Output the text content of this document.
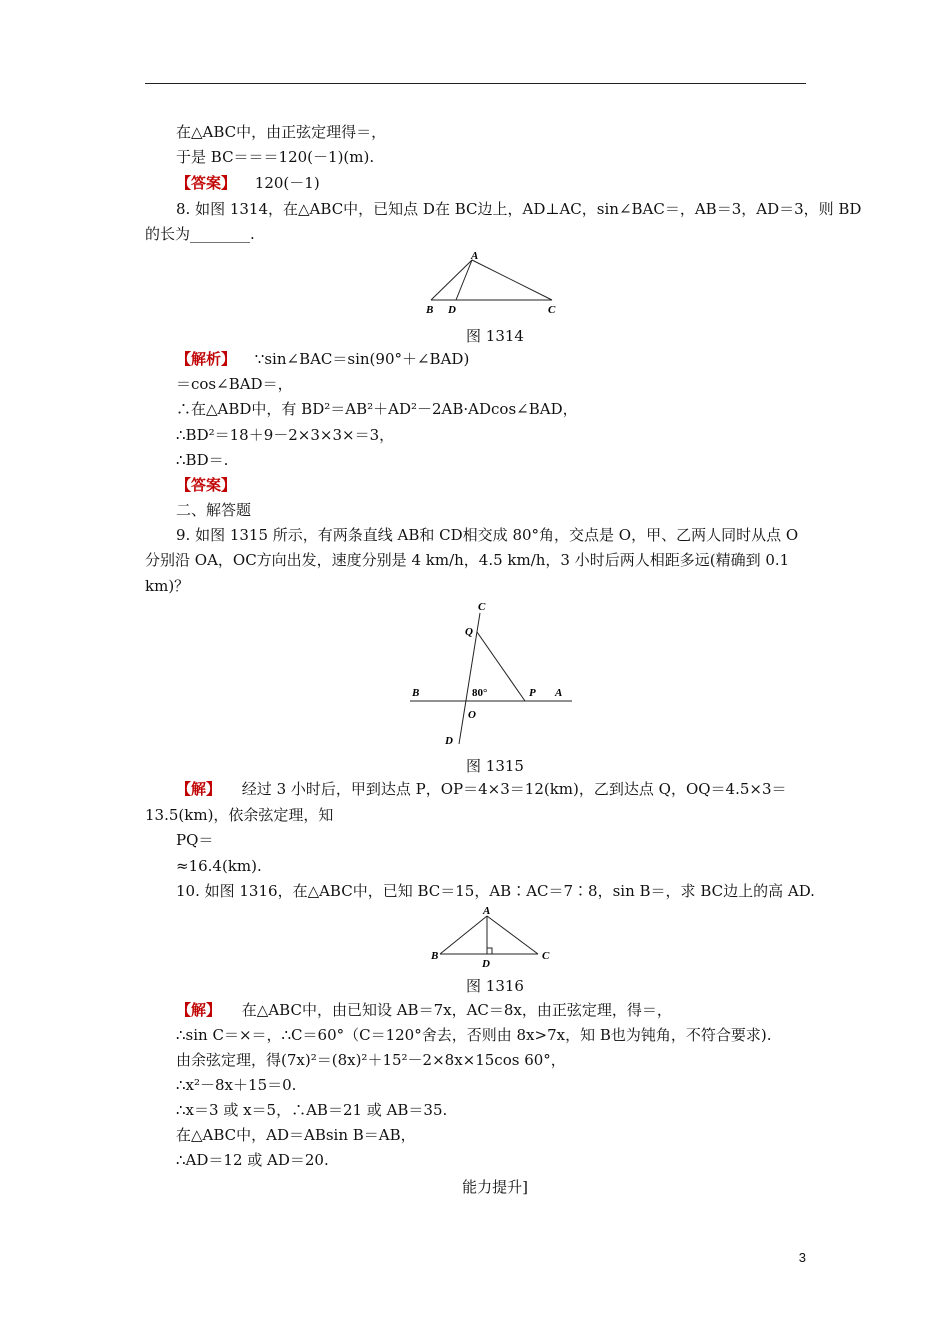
在△ABC中，由正弦定理得＝，
于是 BC＝＝＝120(－1)(m).
【答案】 120(－1)
8. 如图 1314，在△ABC中，已知点 D在 BC边上，AD⊥AC，sin∠BAC＝，AB＝3，AD＝3，则 BD
的长为________.
A
B D	C
图 1314
【解析】 ∵sin∠BAC＝sin(90°＋∠BAD)
＝cos∠BAD＝，
∴在△ABD中，有 BD²＝AB²＋AD²－2AB·ADcos∠BAD，
∴BD²＝18＋9－2×3×3×＝3，
∴BD＝.
【答案】
二、解答题
9. 如图 1315 所示，有两条直线 AB和 CD相交成 80°角，交点是 O，甲、乙两人同时从点 O
分别沿 OA，OC方向出发，速度分别是 4 km/h，4.5 km/h，3 小时后两人相距多远(精确到 0.1
km)？
C
Q
B	80°	P A
O
D
图 1315
【解】 经过 3 小时后，甲到达点 P，OP＝4×3＝12(km)，乙到达点 Q，OQ＝4.5×3＝
13.5(km)，依余弦定理，知
PQ＝
≈16.4(km).
10. 如图 1316，在△ABC中，已知 BC＝15，AB∶AC＝7∶8，sin B＝，求 BC边上的高 AD.
A
B
D
C
图 1316
【解】 在△ABC中，由已知设 AB＝7x，AC＝8x，由正弦定理，得＝，
∴sin C＝×＝，∴C＝60°（C＝120°舍去，否则由 8x>7x，知 B也为钝角，不符合要求).
由余弦定理，得(7x)²＝(8x)²＋15²－2×8x×15cos 60°，
∴x²－8x＋15＝0.
∴x＝3 或 x＝5，∴AB＝21 或 AB＝35.
在△ABC中，AD＝ABsin B＝AB，
∴AD＝12 或 AD＝20.
能力提升]
3
